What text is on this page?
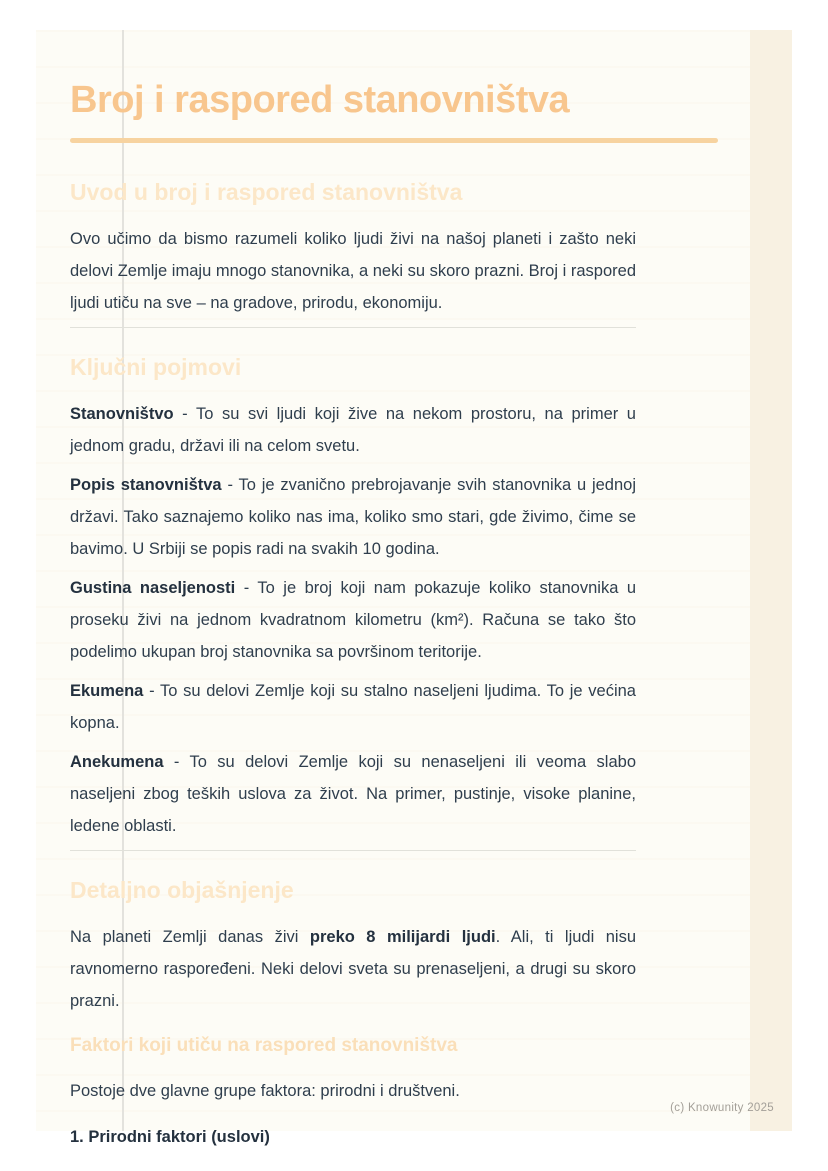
Broj i raspored stanovništva
Uvod u broj i raspored stanovništva

Ovo učimo da bismo razumeli koliko ljudi živi na našoj planeti i zašto neki delovi Zemlje imaju mnogo stanovnika, a neki su skoro prazni. Broj i raspored ljudi utiču na sve – na gradove, prirodu, ekonomiju.

Ključni pojmovi

Stanovništvo - To su svi ljudi koji žive na nekom prostoru, na primer u jednom gradu, državi ili na celom svetu.

Popis stanovništva - To je zvanično prebrojavanje svih stanovnika u jednoj državi. Tako saznajemo koliko nas ima, koliko smo stari, gde živimo, čime se bavimo. U Srbiji se popis radi na svakih 10 godina.

Gustina naseljenosti - To je broj koji nam pokazuje koliko stanovnika u proseku živi na jednom kvadratnom kilometru (km²). Računa se tako što podelimo ukupan broj stanovnika sa površinom teritorije.

Ekumena - To su delovi Zemlje koji su stalno naseljeni ljudima. To je većina kopna.

Anekumena - To su delovi Zemlje koji su nenaseljeni ili veoma slabo naseljeni zbog teških uslova za život. Na primer, pustinje, visoke planine, ledene oblasti.

Detaljno objašnjenje

Na planeti Zemlji danas živi preko 8 milijardi ljudi. Ali, ti ljudi nisu ravnomerno raspoređeni. Neki delovi sveta su prenaseljeni, a drugi su skoro prazni.

Faktori koji utiču na raspored stanovništva

Postoje dve glavne grupe faktora: prirodni i društveni.

1. Prirodni faktori (uslovi)

(c) Knowunity 2025
